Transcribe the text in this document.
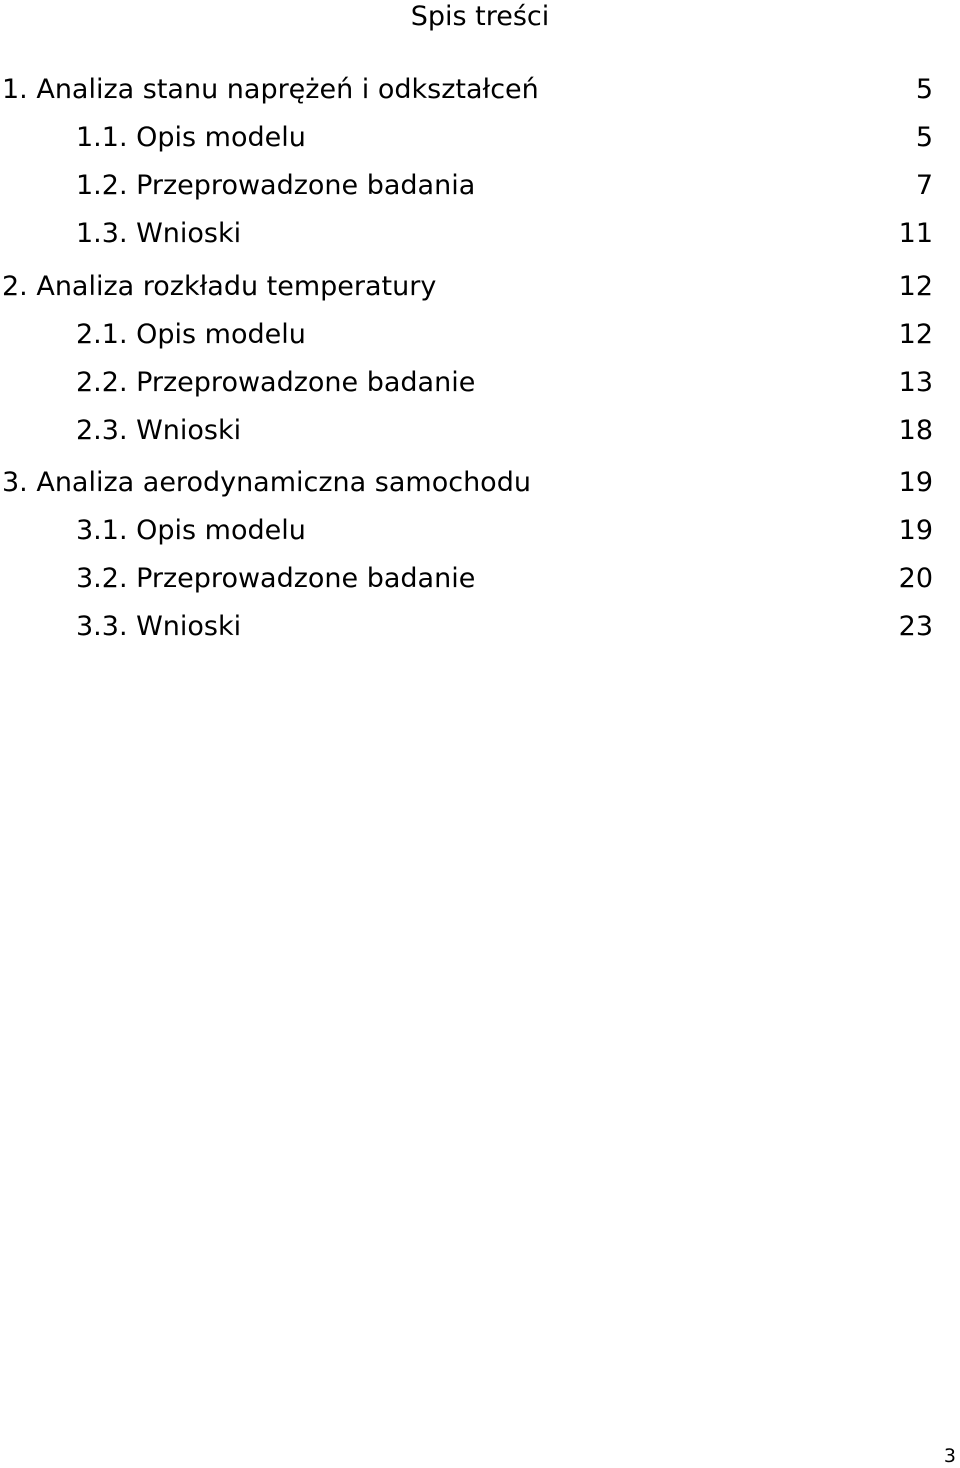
Spis treści
1. Analiza stanu naprężeń i odkształceń	5
1.1. Opis modelu	5
1.2. Przeprowadzone badania	7
1.3. Wnioski	11
2. Analiza rozkładu temperatury	12
2.1. Opis modelu	12
2.2. Przeprowadzone badanie	13
2.3. Wnioski	18
3. Analiza aerodynamiczna samochodu	19
3.1. Opis modelu	19
3.2. Przeprowadzone badanie	20
3.3. Wnioski	23
3
